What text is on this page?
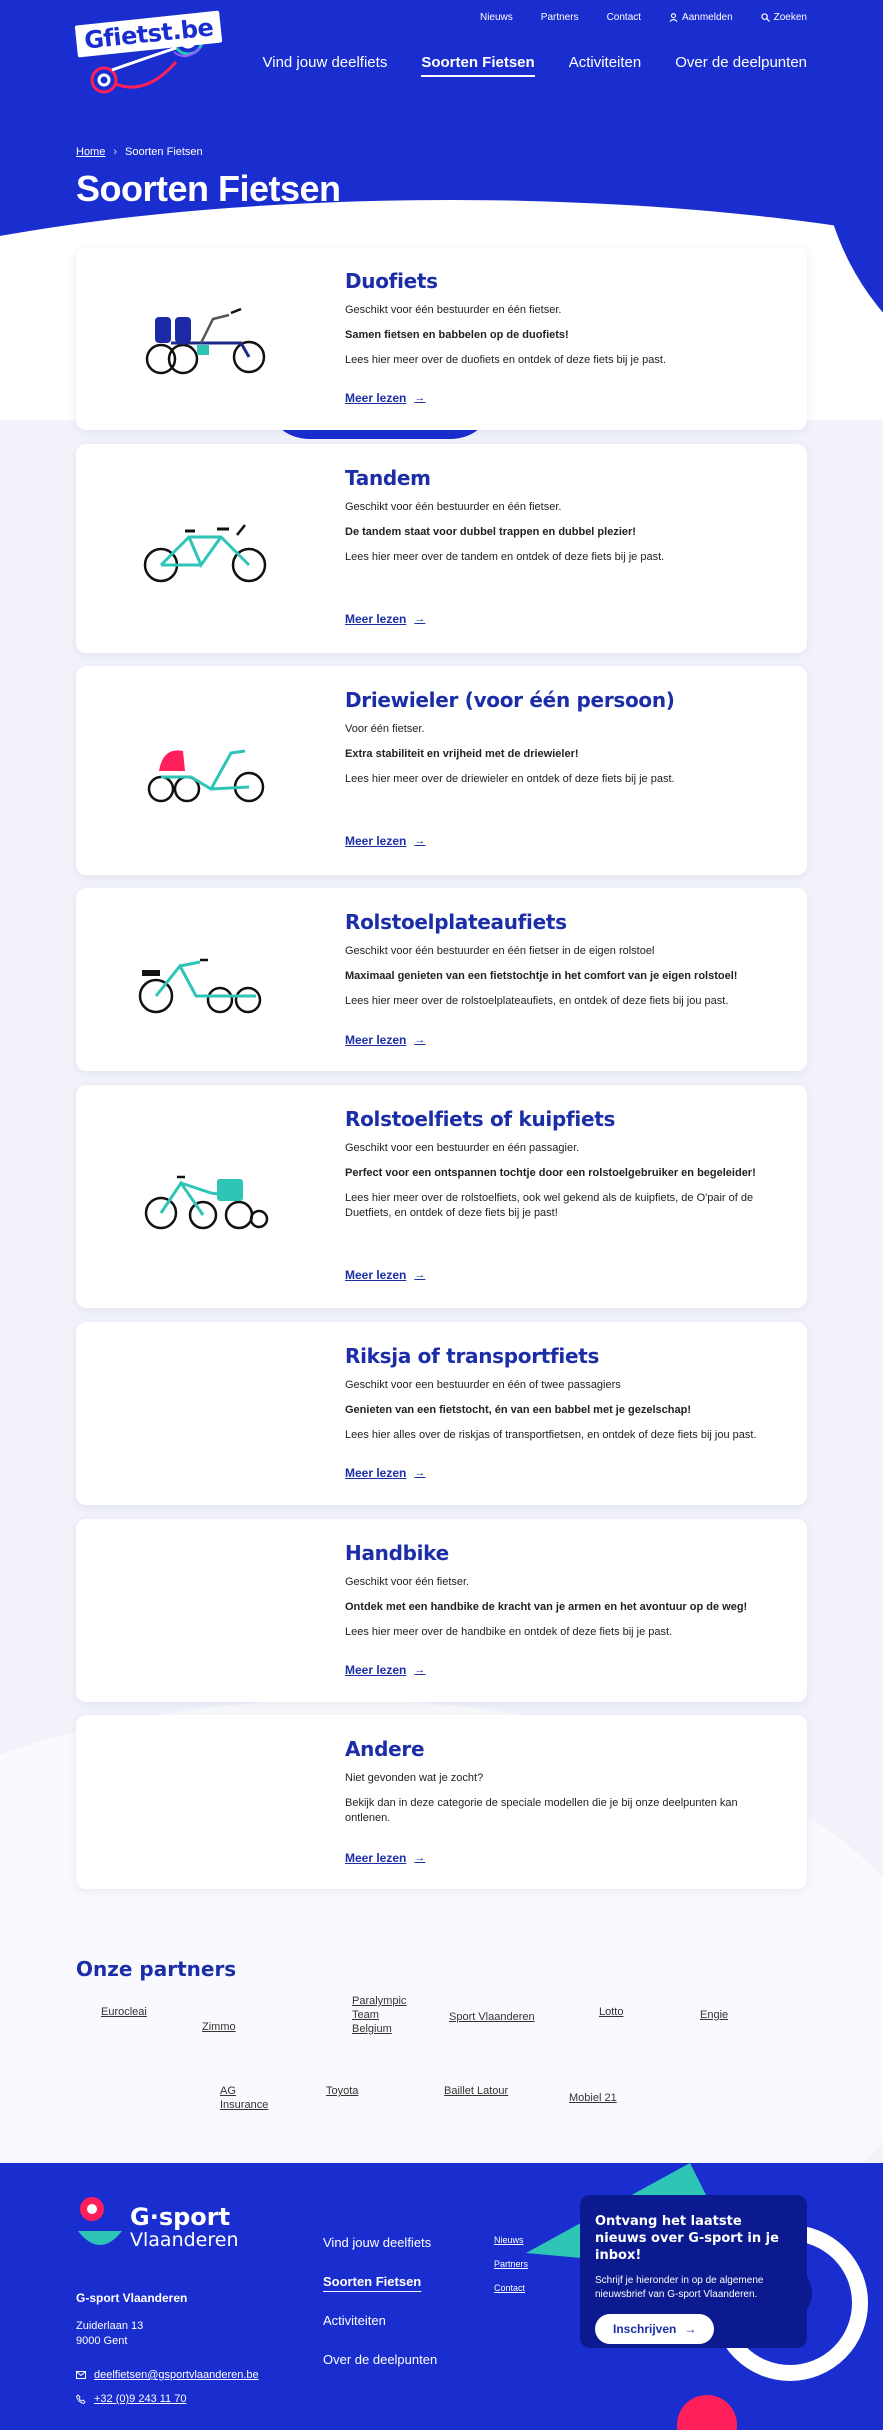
Gfietst.be	Nieuws	Partners	Contact	Aanmelden	Zoeken
Vind jouw deelfiets Soorten Fietsen Activiteiten Over de deelpunten
Home › Soorten Fietsen
Soorten Fietsen
Duofiets

Geschikt voor één bestuurder en één fietser.

Samen fietsen en babbelen op de duofiets!

Lees hier meer over de duofiets en ontdek of deze fiets bij je past.

Meer lezen →
Tandem

Geschikt voor één bestuurder en één fietser.

De tandem staat voor dubbel trappen en dubbel plezier!

Lees hier meer over de tandem en ontdek of deze fiets bij je past.

Meer lezen →
Driewieler (voor één persoon)

Voor één fietser.

Extra stabiliteit en vrijheid met de driewieler!

Lees hier meer over de driewieler en ontdek of deze fiets bij je past.

Meer lezen →
Rolstoelplateaufiets

Geschikt voor één bestuurder en één fietser in de eigen rolstoel

Maximaal genieten van een fietstochtje in het comfort van je eigen rolstoel!

Lees hier meer over de rolstoelplateaufiets, en ontdek of deze fiets bij jou past.

Meer lezen →
Rolstoelfiets of kuipfiets

Geschikt voor een bestuurder en één passagier.

Perfect voor een ontspannen tochtje door een rolstoelgebruiker en begeleider!

Lees hier meer over de rolstoelfiets, ook wel gekend als de kuipfiets, de O'pair of de Duetfiets, en ontdek of deze fiets bij je past!

Meer lezen →
Riksja of transportfiets

Geschikt voor een bestuurder en één of twee passagiers

Genieten van een fietstocht, én van een babbel met je gezelschap!

Lees hier alles over de riskjas of transportfietsen, en ontdek of deze fiets bij jou past.

Meer lezen →
Handbike

Geschikt voor één fietser.

Ontdek met een handbike de kracht van je armen en het avontuur op de weg!

Lees hier meer over de handbike en ontdek of deze fiets bij je past.

Meer lezen →
Andere

Niet gevonden wat je zocht?

Bekijk dan in deze categorie de speciale modellen die je bij onze deelpunten kan ontlenen.

Meer lezen →
Onze partners
Eurocleai
Zimmo
Paralympic Team Belgium
Sport Vlaanderen	Lotto	Engie
AG Insurance
Toyota	Baillet Latour
Mobiel 21
G·sport
Vlaanderen
G-sport Vlaanderen
Zuiderlaan 13
9000 Gent
deelfietsen@gsportvlaanderen.be
+32 (0)9 243 11 70
Vind jouw deelfiets
Soorten Fietsen
Activiteiten
Over de deelpunten
Nieuws
Partners
Contact
Ontvang het laatste nieuws over G-sport in je inbox!

Schrijf je hieronder in op de algemene nieuwsbrief van G-sport Vlaanderen.

Inschrijven →
